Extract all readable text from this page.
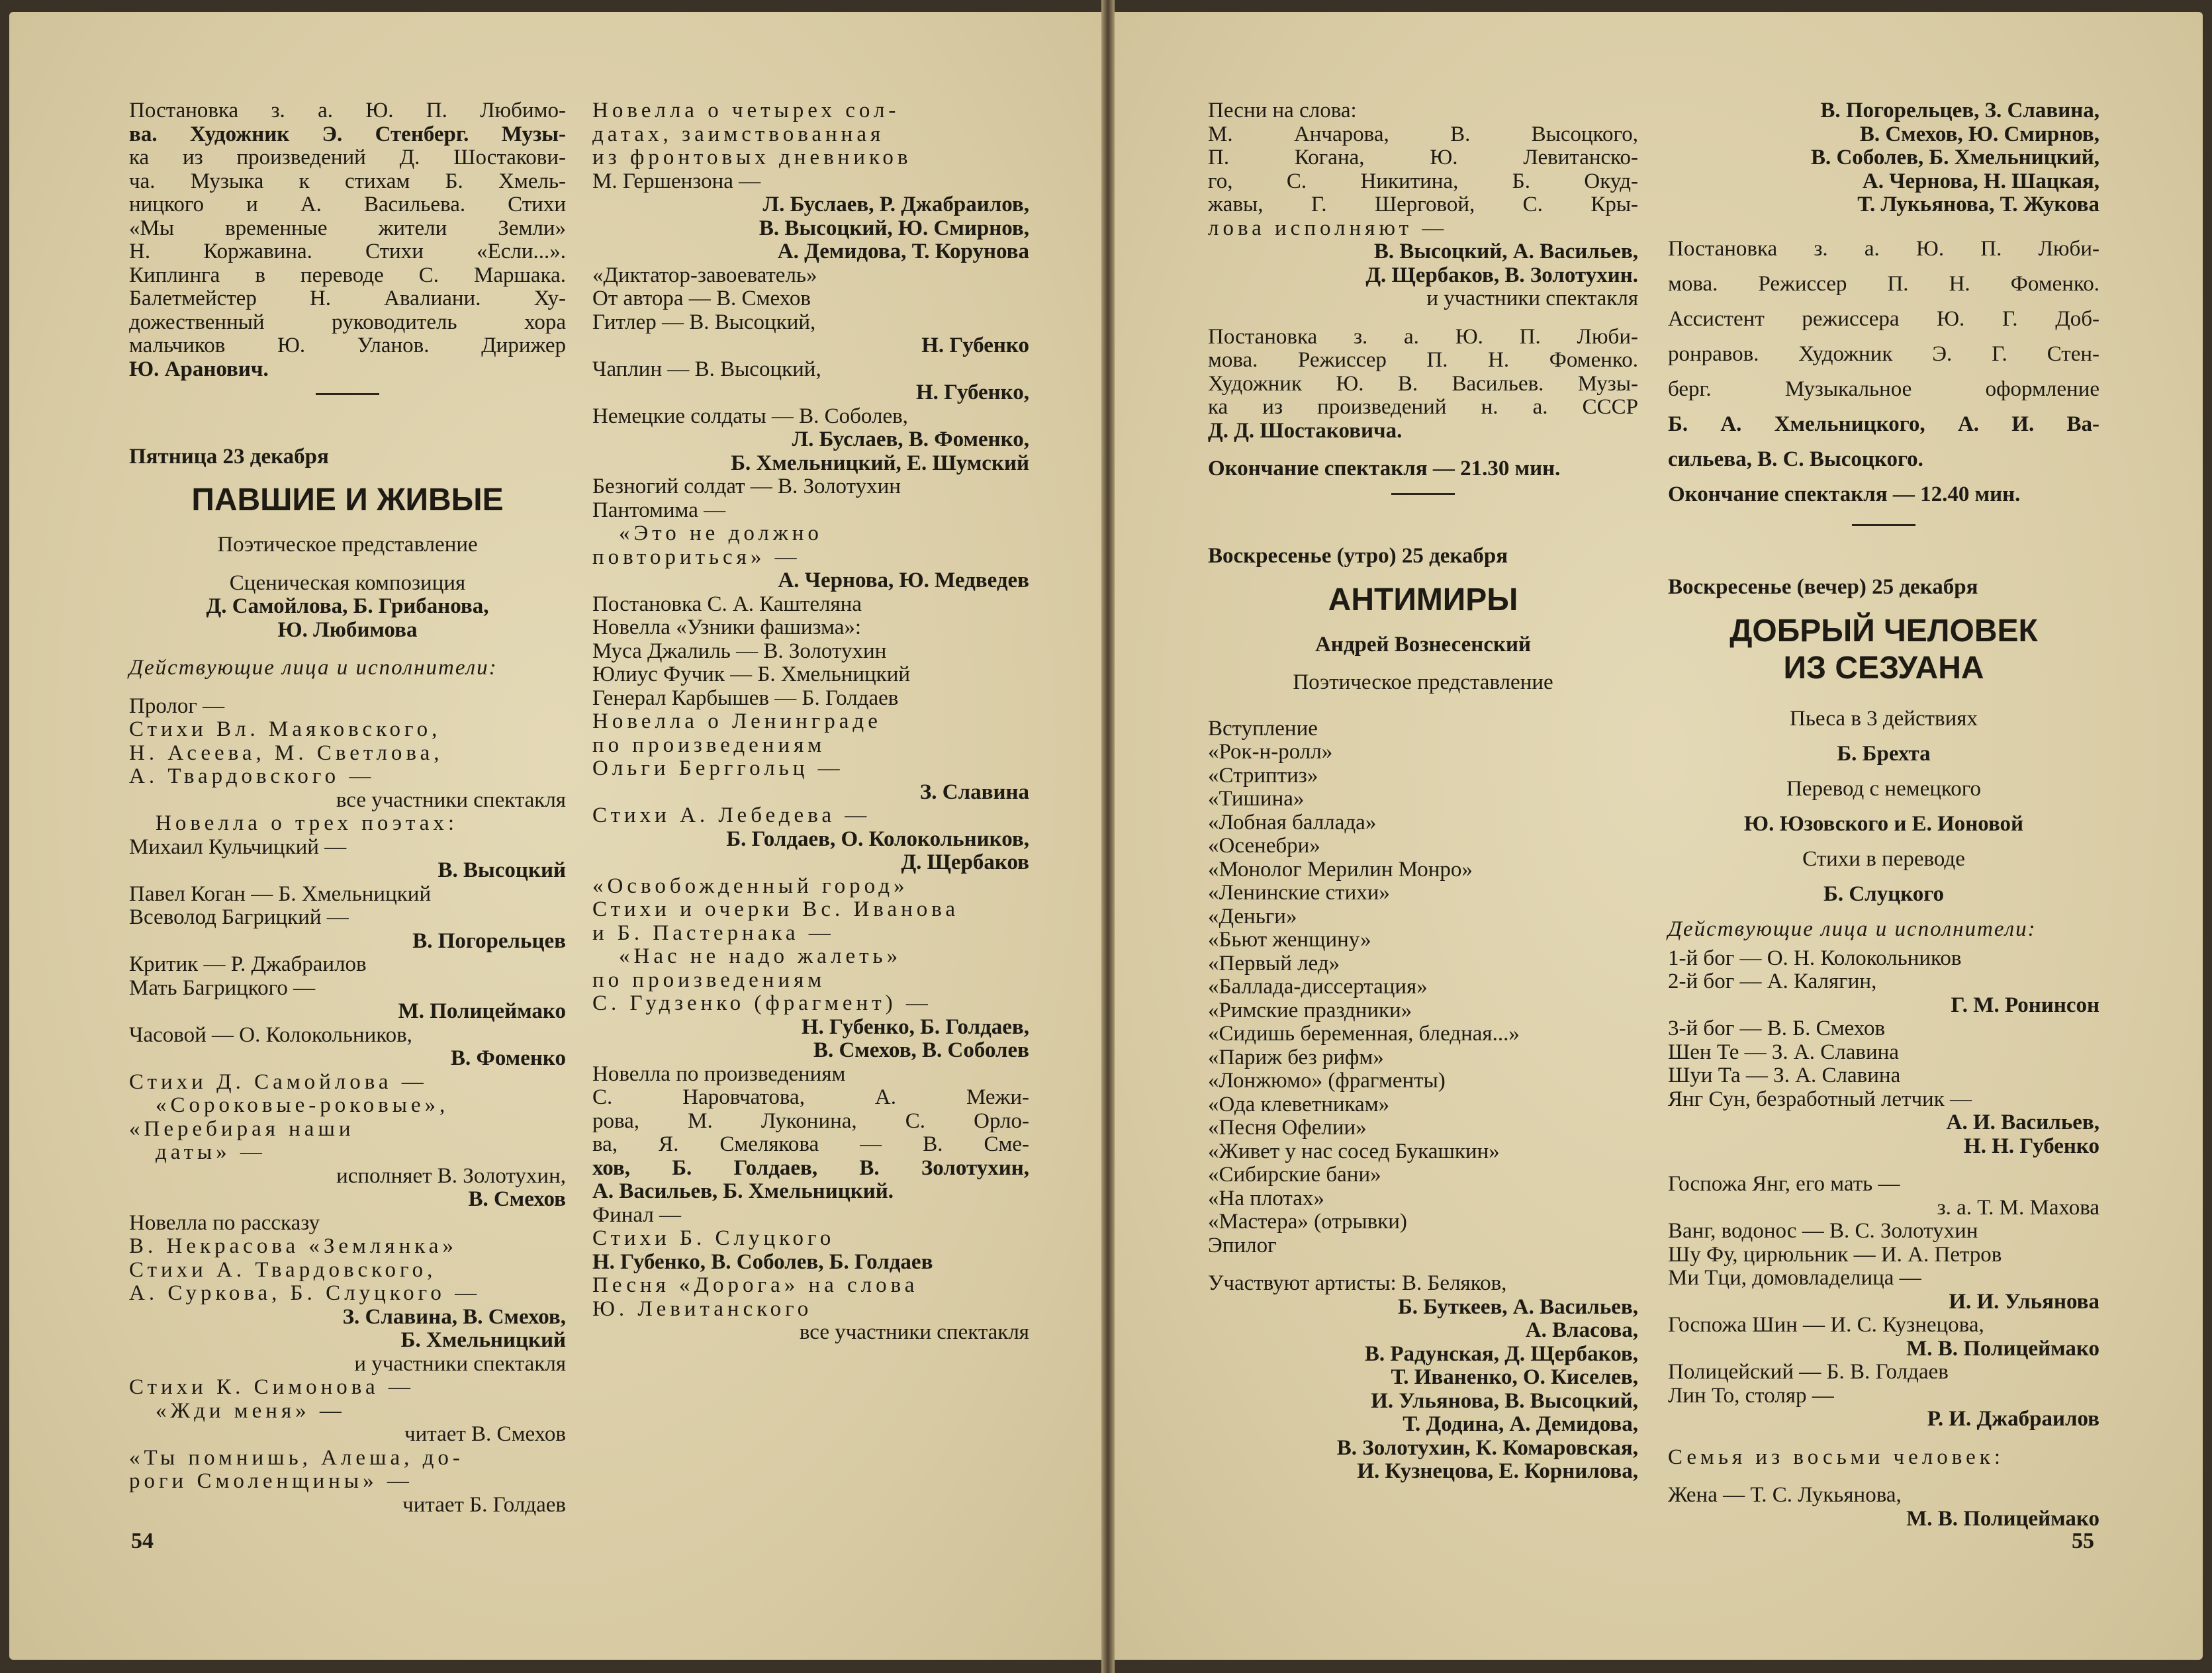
Постановка з. а. Ю. П. Любимо-
ва. Художник Э. Стенберг. Музы-
ка из произведений Д. Шостакови-
ча. Музыка к стихам Б. Хмель-
ницкого и А. Васильева. Стихи
«Мы временные жители Земли»
Н. Коржавина. Стихи «Если...».
Киплинга в переводе С. Маршака.
Балетмейстер Н. Авалиани. Ху-
дожественный руководитель хора
мальчиков Ю. Уланов. Дирижер
Ю. Аранович.
Пятница 23 декабря
ПАВШИЕ И ЖИВЫЕ
Поэтическое представление
Сценическая композиция
Д. Самойлова, Б. Грибанова,
Ю. Любимова
Действующие лица и исполнители:
Пролог —
Стихи Вл. Маяковского,
Н. Асеева, М. Светлова,
А. Твардовского —
все участники спектакля
Новелла о трех поэтах:
Михаил Кульчицкий —
В. Высоцкий
Павел Коган — Б. Хмельницкий
Всеволод Багрицкий —
В. Погорельцев
Критик — Р. Джабраилов
Мать Багрицкого —
М. Полицеймако
Часовой — О. Колокольников,
В. Фоменко
Стихи Д. Самойлова —
«Сороковые-роковые»,
«Перебирая наши
даты» —
исполняет В. Золотухин,
В. Смехов
Новелла по рассказу
В. Некрасова «Землянка»
Стихи А. Твардовского,
А. Суркова, Б. Слуцкого —
З. Славина, В. Смехов,
Б. Хмельницкий
и участники спектакля
Стихи К. Симонова —
«Жди меня» —
читает В. Смехов
«Ты помнишь, Алеша, до-
роги Смоленщины» —
читает Б. Голдаев
Новелла о четырех сол-
датах, заимствованная
из фронтовых дневников
М. Гершензона —
Л. Буслаев, Р. Джабраилов,
В. Высоцкий, Ю. Смирнов,
А. Демидова, Т. Корунова
«Диктатор-завоеватель»
От автора — В. Смехов
Гитлер — В. Высоцкий,
Н. Губенко
Чаплин — В. Высоцкий,
Н. Губенко,
Немецкие солдаты — В. Соболев,
Л. Буслаев, В. Фоменко,
Б. Хмельницкий, Е. Шумский
Безногий солдат — В. Золотухин
Пантомима —
«Это не должно
повториться» —
А. Чернова, Ю. Медведев
Постановка С. А. Каштеляна
Новелла «Узники фашизма»:
Муса Джалиль — В. Золотухин
Юлиус Фучик — Б. Хмельницкий
Генерал Карбышев — Б. Голдаев
Новелла о Ленинграде
по произведениям
Ольги Берггольц —
З. Славина
Стихи А. Лебедева —
Б. Голдаев, О. Колокольников,
Д. Щербаков
«Освобожденный город»
Стихи и очерки Вс. Иванова
и Б. Пастернака —
«Нас не надо жалеть»
по произведениям
С. Гудзенко (фрагмент) —
Н. Губенко, Б. Голдаев,
В. Смехов, В. Соболев
Новелла по произведениям
С. Наровчатова, А. Межи-
рова, М. Луконина, С. Орло-
ва, Я. Смелякова — В. Сме-
хов, Б. Голдаев, В. Золотухин,
А. Васильев, Б. Хмельницкий.
Финал —
Стихи Б. Слуцкого
Н. Губенко, В. Соболев, Б. Голдаев
Песня «Дорога» на слова
Ю. Левитанского
все участники спектакля
Песни на слова:
М. Анчарова, В. Высоцкого,
П. Когана, Ю. Левитанско-
го, С. Никитина, Б. Окуд-
жавы, Г. Шерговой, С. Кры-
лова исполняют —
В. Высоцкий, А. Васильев,
Д. Щербаков, В. Золотухин.
и участники спектакля
Постановка з. а. Ю. П. Люби-
мова. Режиссер П. Н. Фоменко.
Художник Ю. В. Васильев. Музы-
ка из произведений н. а. СССР
Д. Д. Шостаковича.
Окончание спектакля — 21.30 мин.
Воскресенье (утро) 25 декабря
АНТИМИРЫ
Андрей Вознесенский
Поэтическое представление
Вступление
«Рок-н-ролл»
«Стриптиз»
«Тишина»
«Лобная баллада»
«Осенебри»
«Монолог Мерилин Монро»
«Ленинские стихи»
«Деньги»
«Бьют женщину»
«Первый лед»
«Баллада-диссертация»
«Римские праздники»
«Сидишь беременная, бледная...»
«Париж без рифм»
«Лонжюмо» (фрагменты)
«Ода клеветникам»
«Песня Офелии»
«Живет у нас сосед Букашкин»
«Сибирские бани»
«На плотах»
«Мастера» (отрывки)
Эпилог
Участвуют артисты: В. Беляков,
Б. Буткеев, А. Васильев,
А. Власова,
В. Радунская, Д. Щербаков,
Т. Иваненко, О. Киселев,
И. Ульянова, В. Высоцкий,
Т. Додина, А. Демидова,
В. Золотухин, К. Комаровская,
И. Кузнецова, Е. Корнилова,
В. Погорельцев, З. Славина,
В. Смехов, Ю. Смирнов,
В. Соболев, Б. Хмельницкий,
А. Чернова, Н. Шацкая,
Т. Лукьянова, Т. Жукова
Постановка з. а. Ю. П. Люби-
мова. Режиссер П. Н. Фоменко.
Ассистент режиссера Ю. Г. Доб-
ронравов. Художник Э. Г. Стен-
берг. Музыкальное оформление
Б. А. Хмельницкого, А. И. Ва-
сильева, В. С. Высоцкого.
Окончание спектакля — 12.40 мин.
Воскресенье (вечер) 25 декабря
ДОБРЫЙ ЧЕЛОВЕК
ИЗ СЕЗУАНА
Пьеса в 3 действиях
Б. Брехта
Перевод с немецкого
Ю. Юзовского и Е. Ионовой
Стихи в переводе
Б. Слуцкого
Действующие лица и исполнители:
1-й бог — О. Н. Колокольников
2-й бог — А. Калягин,
Г. М. Ронинсон
3-й бог — В. Б. Смехов
Шен Те — З. А. Славина
Шуи Та — З. А. Славина
Янг Сун, безработный летчик —
А. И. Васильев,
Н. Н. Губенко
Госпожа Янг, его мать —
з. а. Т. М. Махова
Ванг, водонос — В. С. Золотухин
Шу Фу, цирюльник — И. А. Петров
Ми Тци, домовладелица —
И. И. Ульянова
Госпожа Шин — И. С. Кузнецова,
М. В. Полицеймако
Полицейский — Б. В. Голдаев
Лин То, столяр —
Р. И. Джабраилов
Семья из восьми человек:
Жена — Т. С. Лукьянова,
М. В. Полицеймако
54	55
